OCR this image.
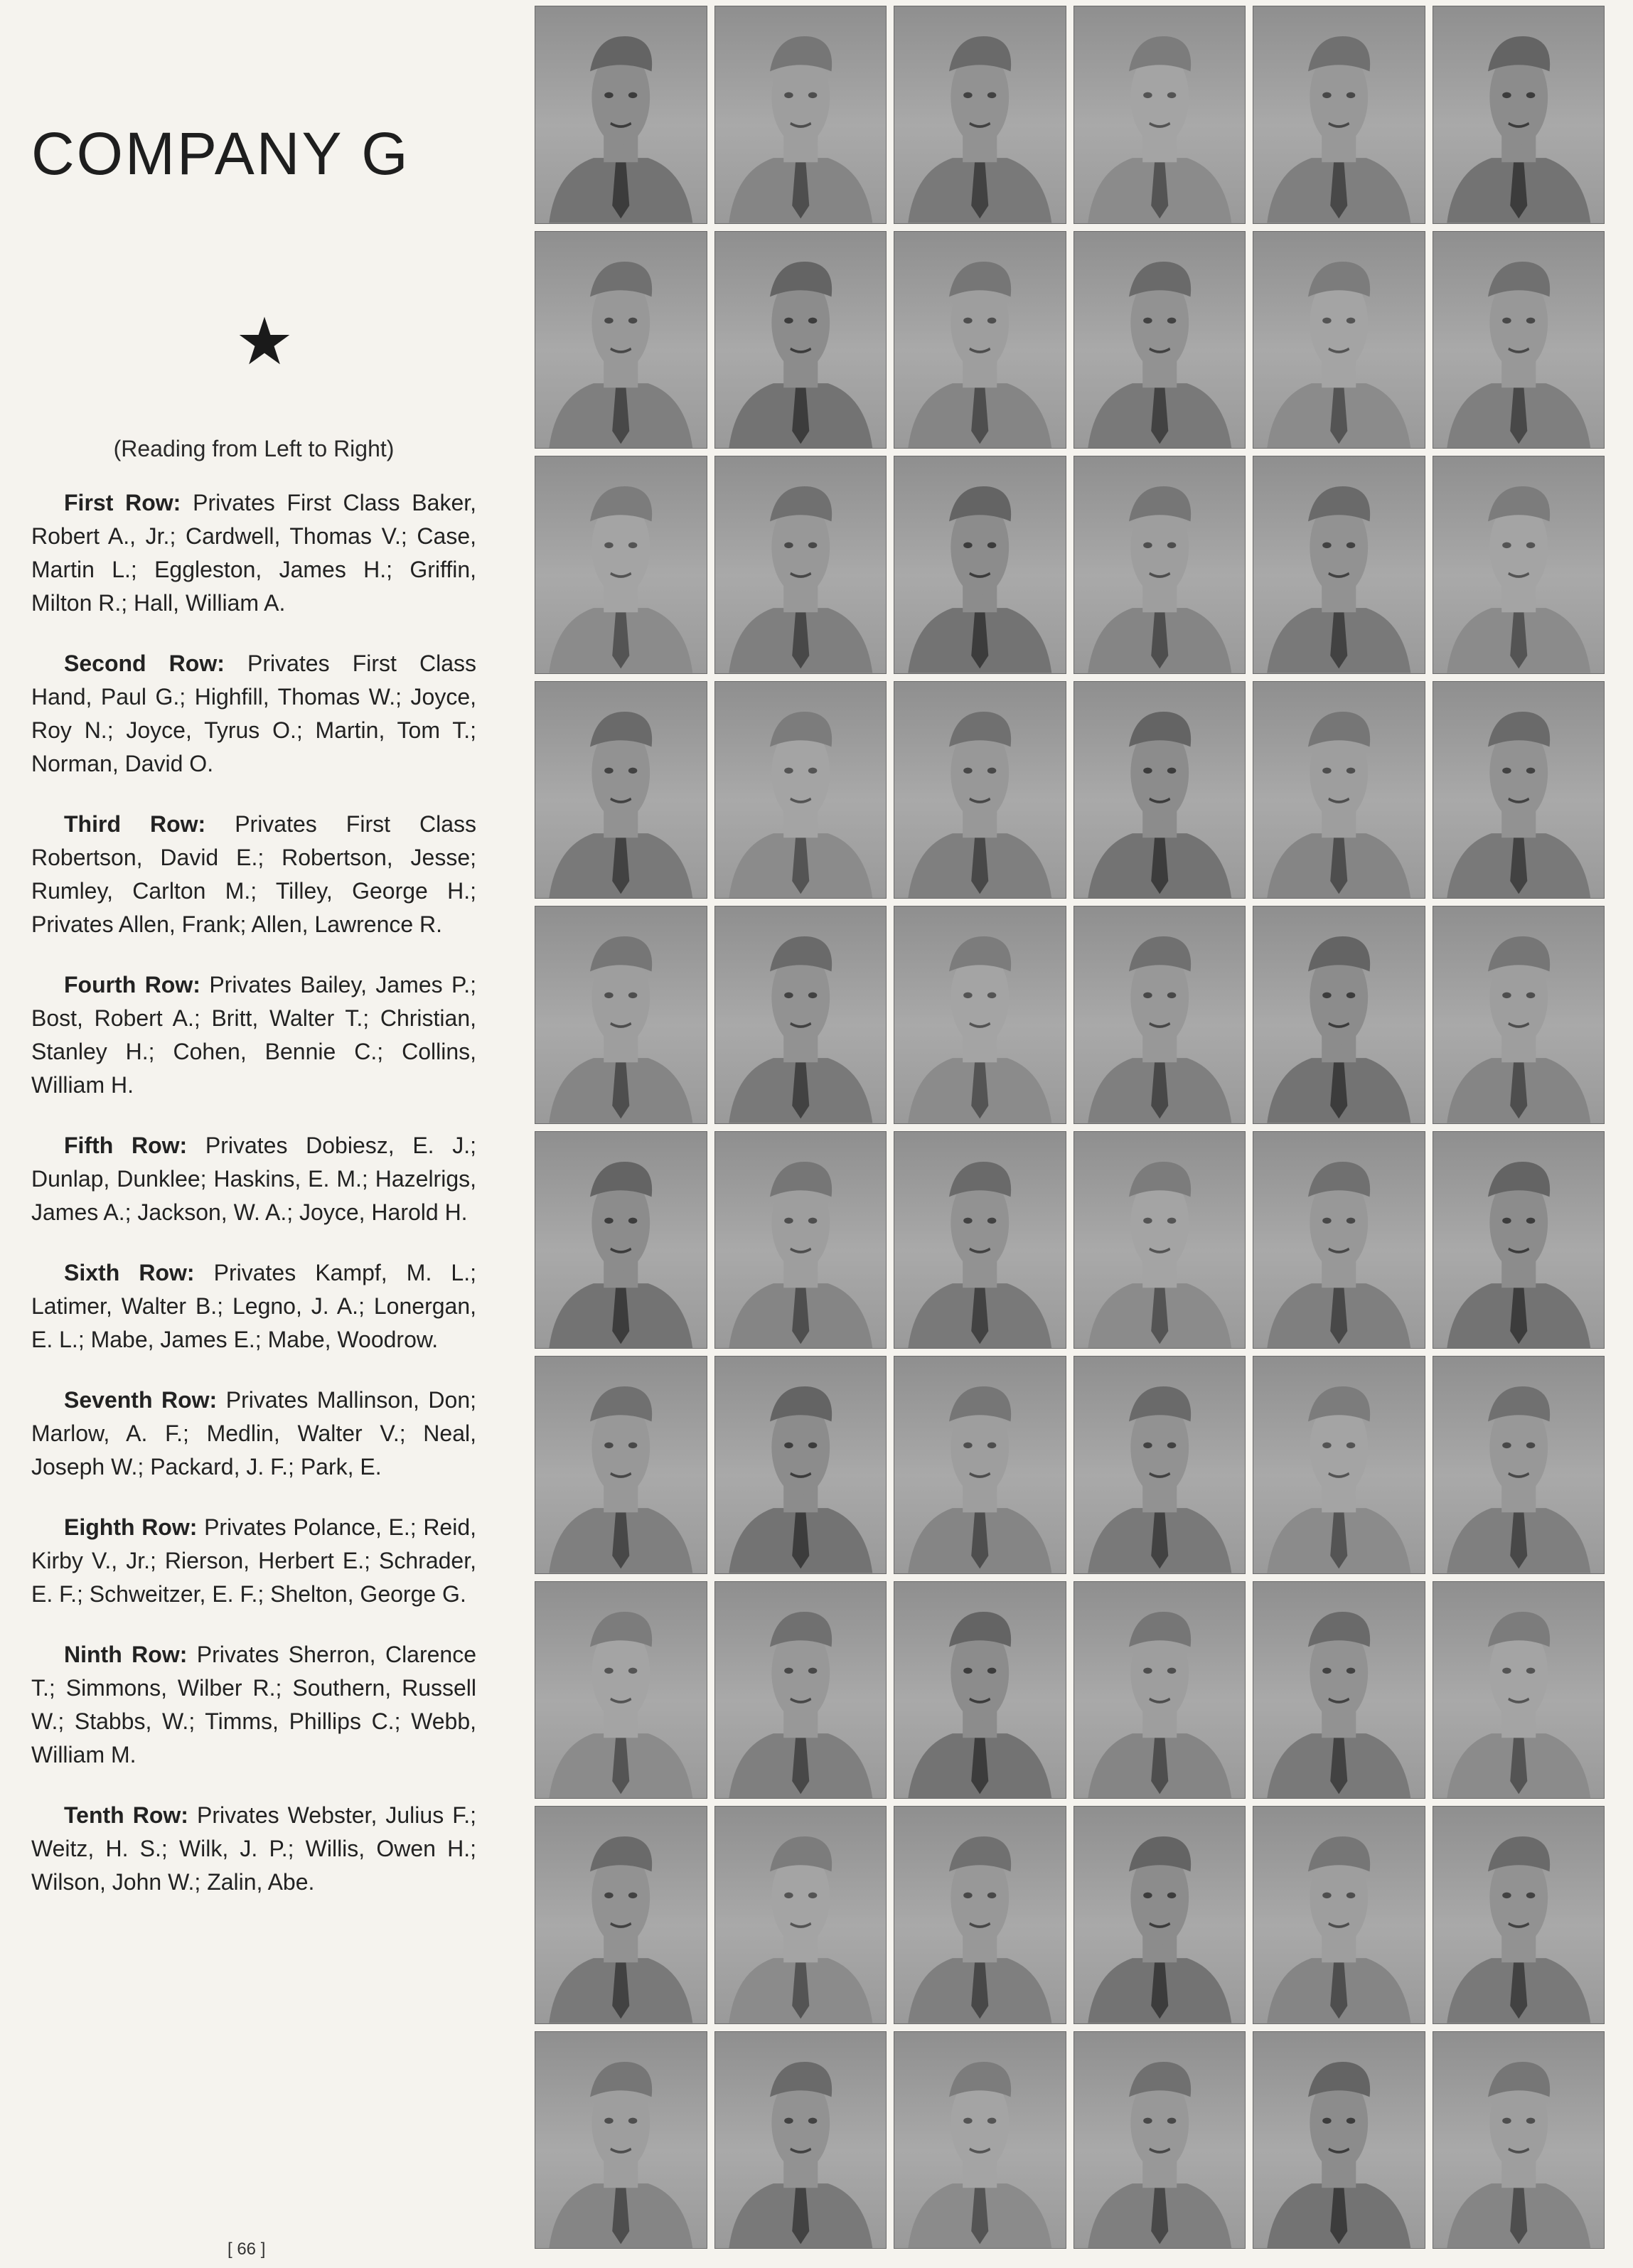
COMPANY G
★
(Reading from Left to Right)

First Row: Privates First Class Baker, Robert A., Jr.; Cardwell, Thomas V.; Case, Martin L.; Eggleston, James H.; Griffin, Milton R.; Hall, William A.

Second Row: Privates First Class Hand, Paul G.; Highfill, Thomas W.; Joyce, Roy N.; Joyce, Tyrus O.; Martin, Tom T.; Norman, David O.

Third Row: Privates First Class Robertson, David E.; Robertson, Jesse; Rumley, Carlton M.; Tilley, George H.; Privates Allen, Frank; Allen, Lawrence R.

Fourth Row: Privates Bailey, James P.; Bost, Robert A.; Britt, Walter T.; Christian, Stanley H.; Cohen, Bennie C.; Collins, William H.

Fifth Row: Privates Dobiesz, E. J.; Dunlap, Dunklee; Haskins, E. M.; Hazelrigs, James A.; Jackson, W. A.; Joyce, Harold H.

Sixth Row: Privates Kampf, M. L.; Latimer, Walter B.; Legno, J. A.; Lonergan, E. L.; Mabe, James E.; Mabe, Woodrow.

Seventh Row: Privates Mallinson, Don; Marlow, A. F.; Medlin, Walter V.; Neal, Joseph W.; Packard, J. F.; Park, E.

Eighth Row: Privates Polance, E.; Reid, Kirby V., Jr.; Rierson, Herbert E.; Schrader, E. F.; Schweitzer, E. F.; Shelton, George G.

Ninth Row: Privates Sherron, Clarence T.; Simmons, Wilber R.; Southern, Russell W.; Stabbs, W.; Timms, Phillips C.; Webb, William M.

Tenth Row: Privates Webster, Julius F.; Weitz, H. S.; Wilk, J. P.; Willis, Owen H.; Wilson, John W.; Zalin, Abe.

[ 66 ]
